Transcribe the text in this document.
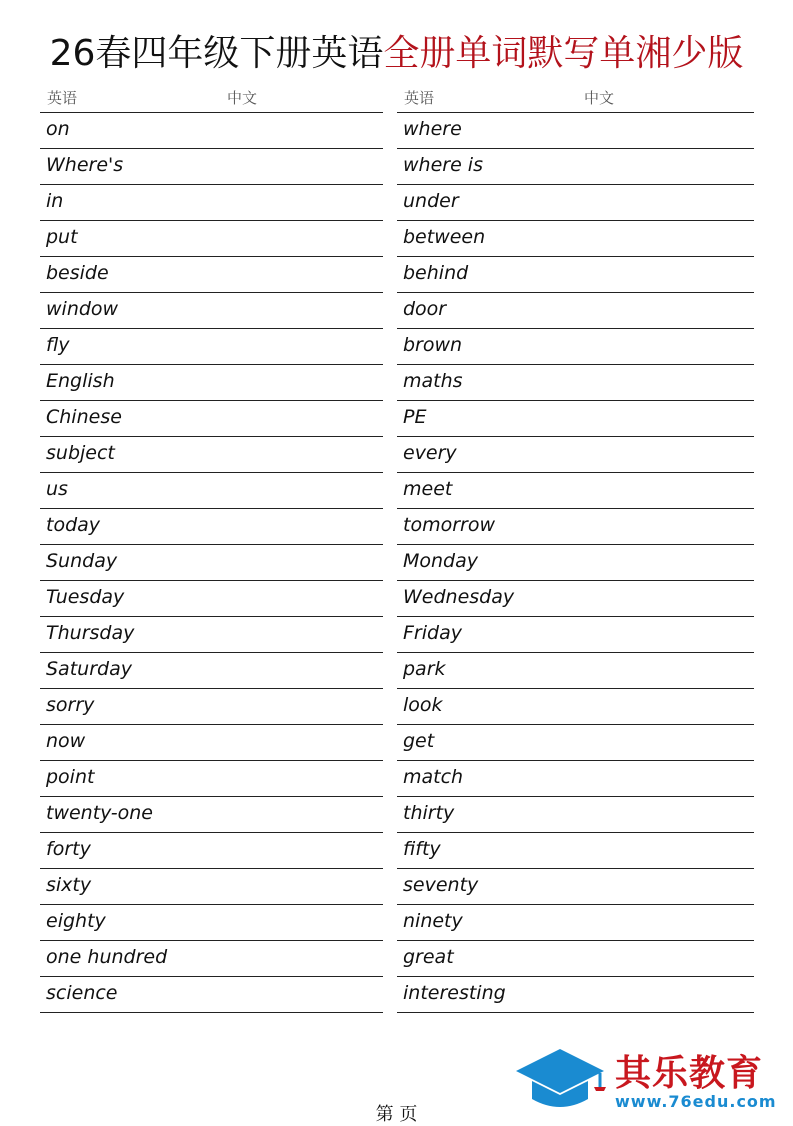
26春四年级下册英语全册单词默写单湘少版
英语	中文
on
Where's
in
put
beside
window
fly
English
Chinese
subject
us
today
Sunday
Tuesday
Thursday
Saturday
sorry
now
point
twenty-one
forty
sixty
eighty
one hundred
science
英语	中文
where
where is
under
between
behind
door
brown
maths
PE
every
meet
tomorrow
Monday
Wednesday
Friday
park
look
get
match
thirty
fifty
seventy
ninety
great
interesting
其乐教育
www.76edu.com
第 页
